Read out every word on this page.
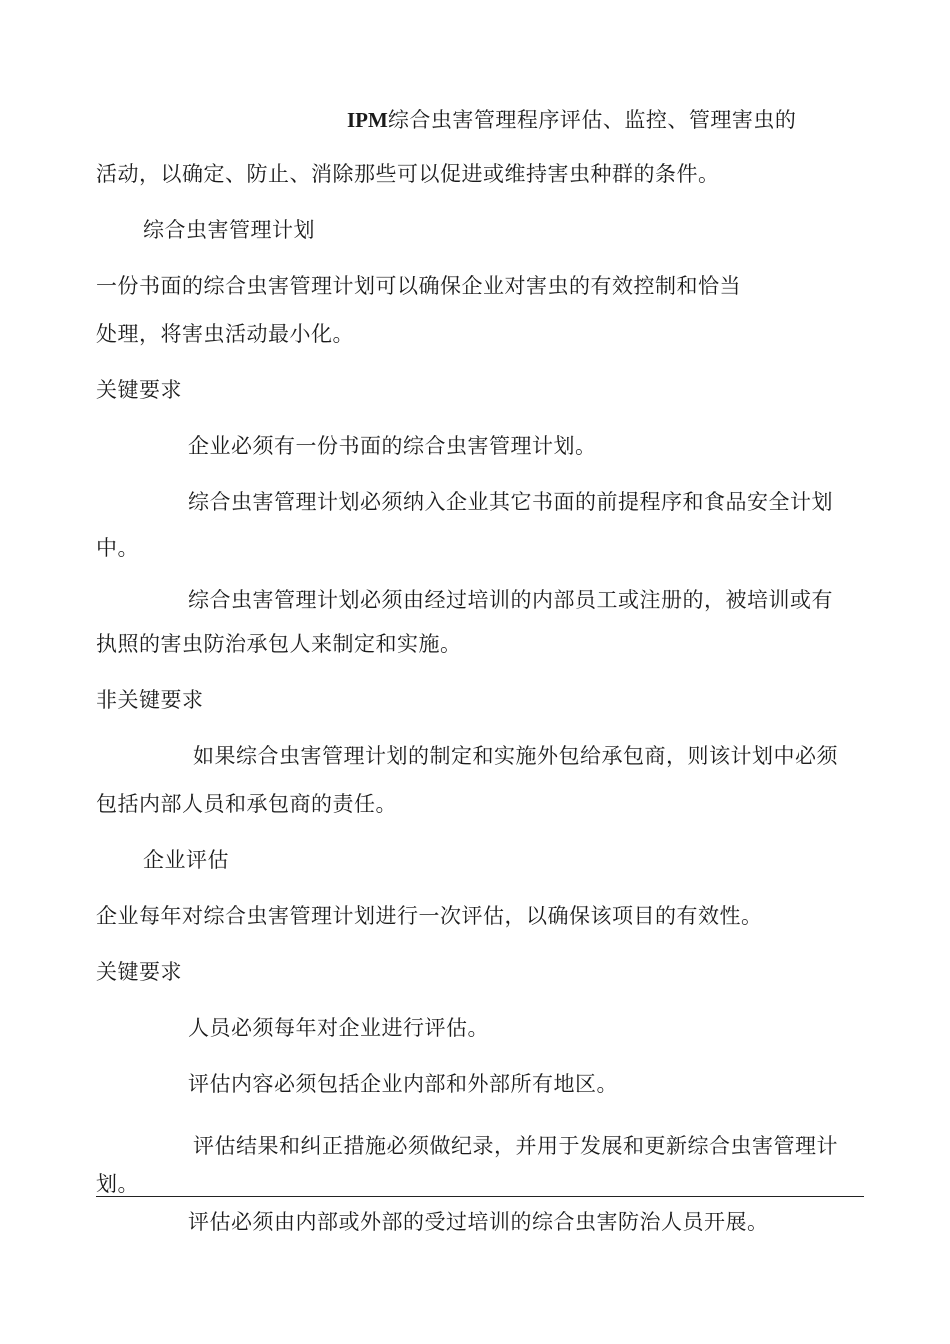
IPM综合虫害管理程序评估、监控、管理害虫的
活动，以确定、防止、消除那些可以促进或维持害虫种群的条件。
综合虫害管理计划
一份书面的综合虫害管理计划可以确保企业对害虫的有效控制和恰当
处理，将害虫活动最小化。
关键要求
企业必须有一份书面的综合虫害管理计划。
综合虫害管理计划必须纳入企业其它书面的前提程序和食品安全计划
中。
综合虫害管理计划必须由经过培训的内部员工或注册的，被培训或有
执照的害虫防治承包人来制定和实施。
非关键要求
如果综合虫害管理计划的制定和实施外包给承包商，则该计划中必须
包括内部人员和承包商的责任。
企业评估
企业每年对综合虫害管理计划进行一次评估，以确保该项目的有效性。
关键要求
人员必须每年对企业进行评估。
评估内容必须包括企业内部和外部所有地区。
评估结果和纠正措施必须做纪录，并用于发展和更新综合虫害管理计
划。
评估必须由内部或外部的受过培训的综合虫害防治人员开展。
